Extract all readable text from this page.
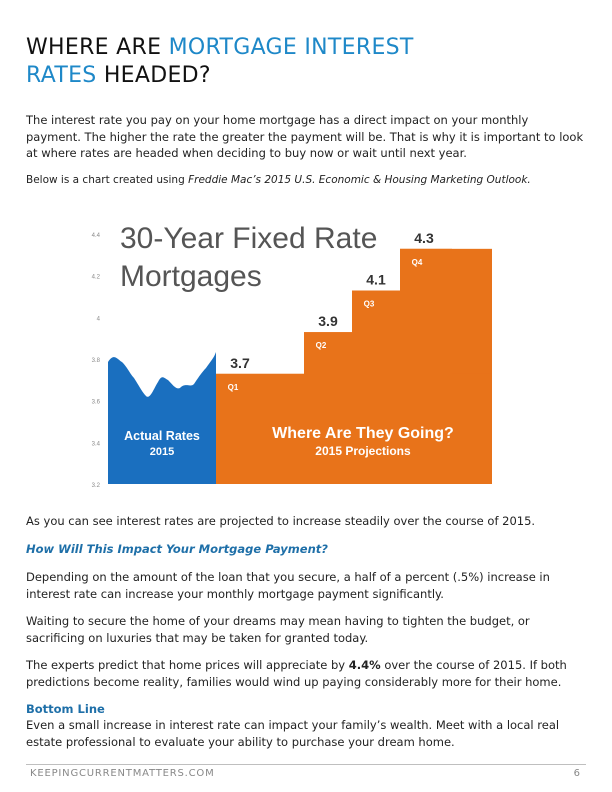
WHERE ARE MORTGAGE INTEREST
RATES HEADED?
The interest rate you pay on your home mortgage has a direct impact on your monthly payment. The higher the rate the greater the payment will be. That is why it is important to look at where rates are headed when deciding to buy now or wait until next year.
Below is a chart created using Freddie Mac’s 2015 U.S. Economic & Housing Marketing Outlook.
4.4
4.2
4
3.8
3.6
3.4
3.2
3.7
Q1
3.9
Q2
4.1
Q3
4.3
Q4
30-Year Fixed Rate
Mortgages
Actual Rates
2015
Where Are They Going?
2015 Projections
As you can see interest rates are projected to increase steadily over the course of 2015.
How Will This Impact Your Mortgage Payment?
Depending on the amount of the loan that you secure, a half of a percent (.5%) increase in interest rate can increase your monthly mortgage payment significantly.
Waiting to secure the home of your dreams may mean having to tighten the budget, or sacrificing on luxuries that may be taken for granted today.
The experts predict that home prices will appreciate by 4.4% over the course of 2015. If both predictions become reality, families would wind up paying considerably more for their home.
Bottom Line
Even a small increase in interest rate can impact your family’s wealth. Meet with a local real estate professional to evaluate your ability to purchase your dream home.
KEEPINGCURRENTMATTERS.COM	6
